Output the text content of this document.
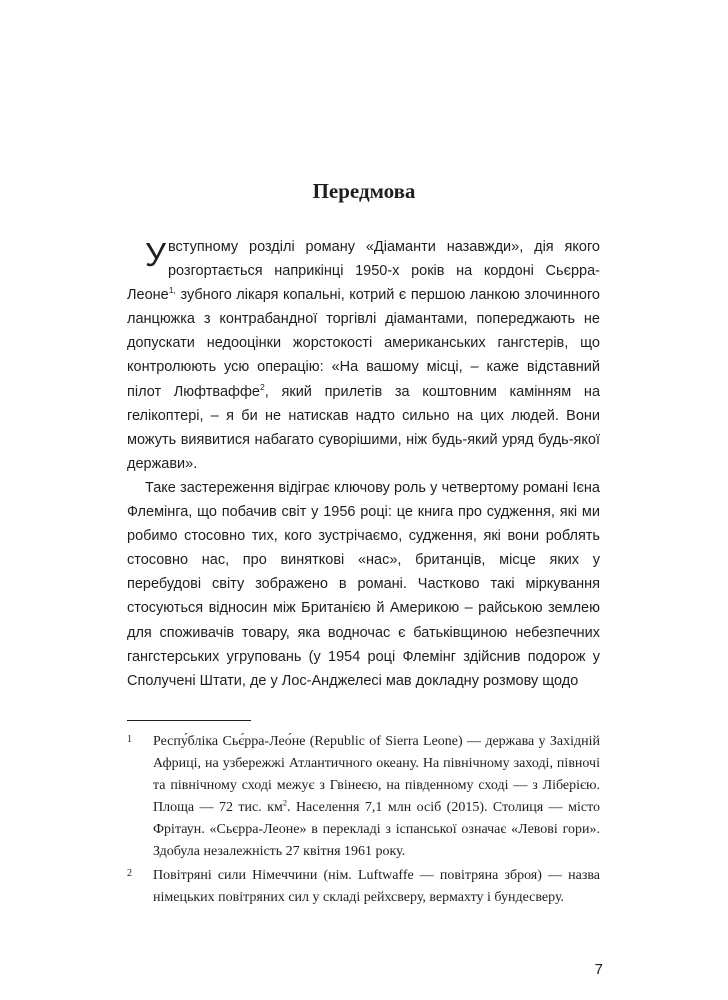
Передмова

У вступному розділі роману «Діаманти назавжди», дія якого розгортається наприкінці 1950-х років на кордоні Сьєрра-Леоне$^{1,}$ зубного лікаря копальні, котрий є першою ланкою злочинного ланцюжка з контрабандної торгівлі діамантами, попереджають не допускати недооцінки жорстокості американських гангстерів, що контролюють усю операцію: «На вашому місці, – каже відставний пілот Люфтваффе$^2$, який прилетів за коштовним камінням на гелікоптері, – я би не натискав надто сильно на цих людей. Вони можуть виявитися набагато суворішими, ніж будь-який уряд будь-якої держави».

Таке застереження відіграє ключову роль у четвертому романі Ієна Флемінга, що побачив світ у 1956 році: це книга про судження, які ми робимо стосовно тих, кого зустрічаємо, судження, які вони роблять стосовно нас, про виняткові «нас», британців, місце яких у перебудові світу зображено в романі. Частково такі міркування стосуються відносин між Британією й Америкою – райською землею для споживачів товару, яка водночас є батьківщиною небезпечних гангстерських угруповань (у 1954 році Флемінг здійснив подорож у Сполучені Штати, де у Лос-Анджелесі мав докладну розмову щодо

1 Респу́бліка Сьє́рра-Лео́не (Republic of Sierra Leone) — держава у Західній Африці, на узбережжі Атлантичного океану. На північному заході, півночі та північному сході межує з Гвінеєю, на південному сході — з Ліберією. Площа — 72 тис. $км^2$. Населення 7,1 млн осіб (2015). Столиця — місто Фрітаун. «Сьєрра-Леоне» в перекладі з іспанської означає «Левові гори». Здобула незалежність 27 квітня 1961 року.

2 Повітряні сили Німеччини (нім. Luftwaffe — повітряна зброя) — назва німецьких повітряних сил у складі рейхсверу, вермахту і бундесверу.

7
